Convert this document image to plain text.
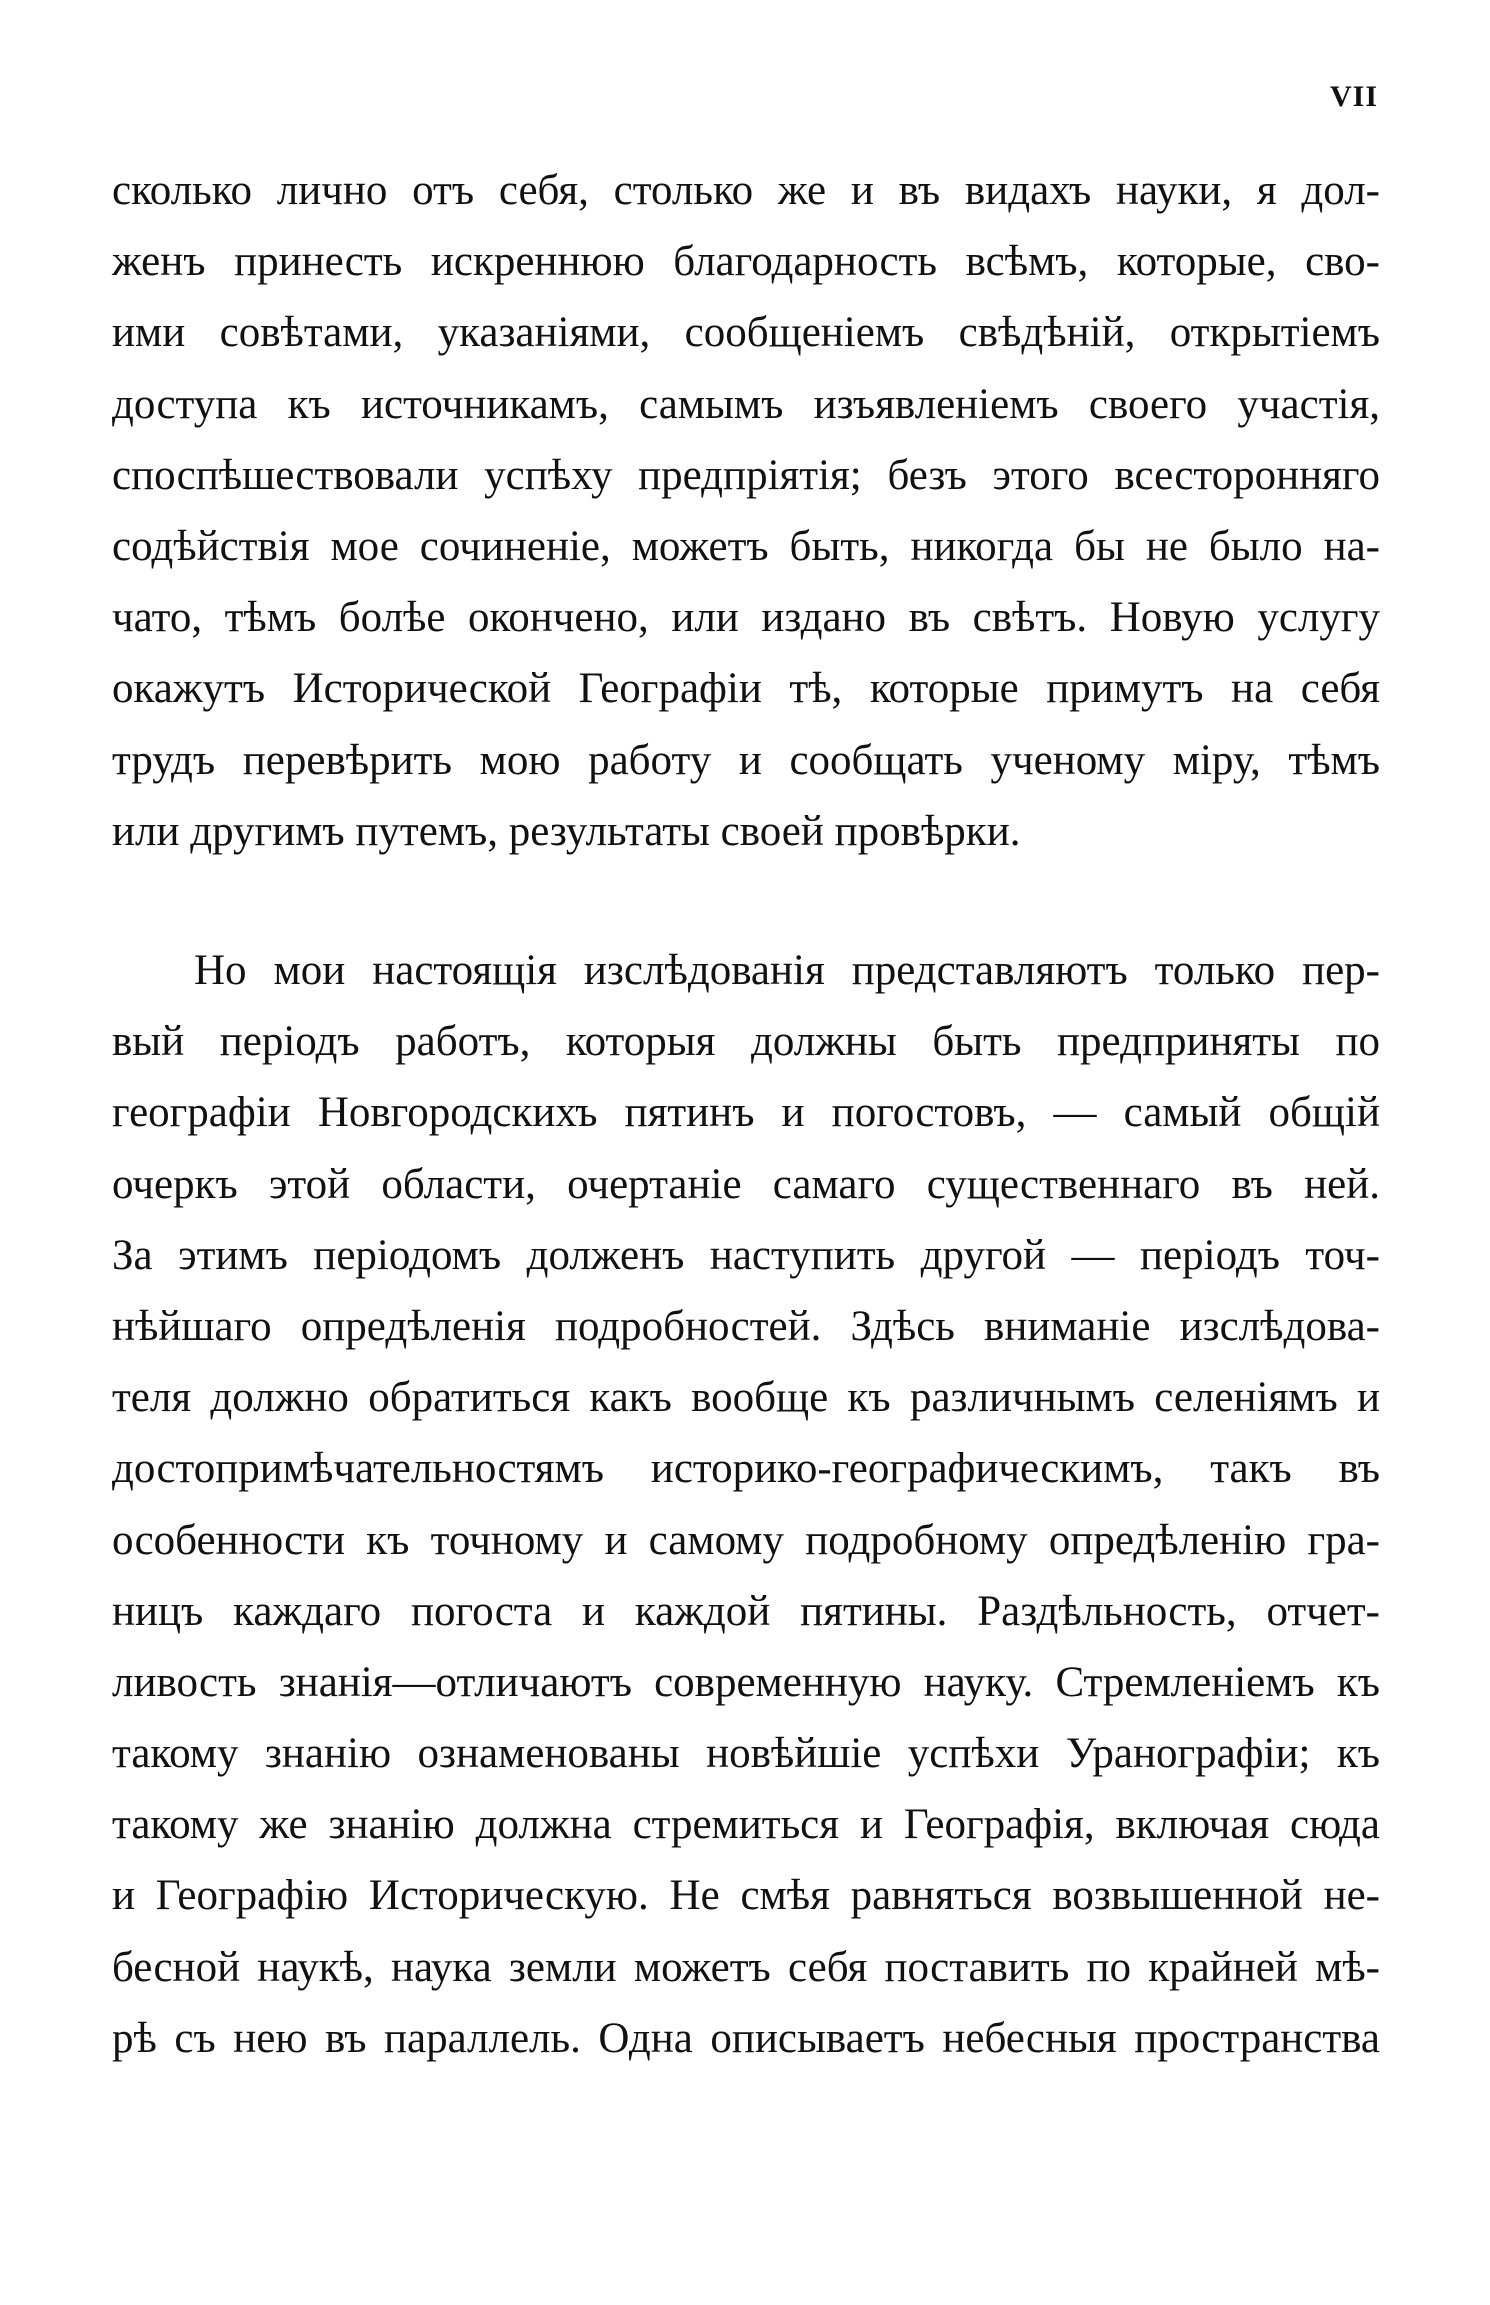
VII
сколько лично отъ себя, столько же и въ видахъ науки, я дол-
женъ принесть искреннюю благодарность всѣмъ, которые, сво-
ими совѣтами, указаніями, сообщеніемъ свѣдѣній, открытіемъ
доступа къ источникамъ, самымъ изъявленіемъ своего участія,
споспѣшествовали успѣху предпріятія; безъ этого всесторонняго
содѣйствія мое сочиненіе, можетъ быть, никогда бы не было на-
чато, тѣмъ болѣе окончено, или издано въ свѣтъ. Новую услугу
окажутъ Исторической Географіи тѣ, которые примутъ на себя
трудъ перевѣрить мою работу и сообщать ученому міру, тѣмъ
или другимъ путемъ, результаты своей провѣрки.
Но мои настоящія изслѣдованія представляютъ только пер-
вый періодъ работъ, которыя должны быть предприняты по
географіи Новгородскихъ пятинъ и погостовъ, — самый общій
очеркъ этой области, очертаніе самаго существеннаго въ ней.
За этимъ періодомъ долженъ наступить другой — періодъ точ-
нѣйшаго опредѣленія подробностей. Здѣсь вниманіе изслѣдова-
теля должно обратиться какъ вообще къ различнымъ селеніямъ и
достопримѣчательностямъ историко-географическимъ, такъ въ
особенности къ точному и самому подробному опредѣленію гра-
ницъ каждаго погоста и каждой пятины. Раздѣльность, отчет-
ливость знанія—отличаютъ современную науку. Стремленіемъ къ
такому знанію ознаменованы новѣйшіе успѣхи Уранографіи; къ
такому же знанію должна стремиться и Географія, включая сюда
и Географію Историческую. Не смѣя равняться возвышенной не-
бесной наукѣ, наука земли можетъ себя поставить по крайней мѣ-
рѣ съ нею въ параллель. Одна описываетъ небесныя пространства
